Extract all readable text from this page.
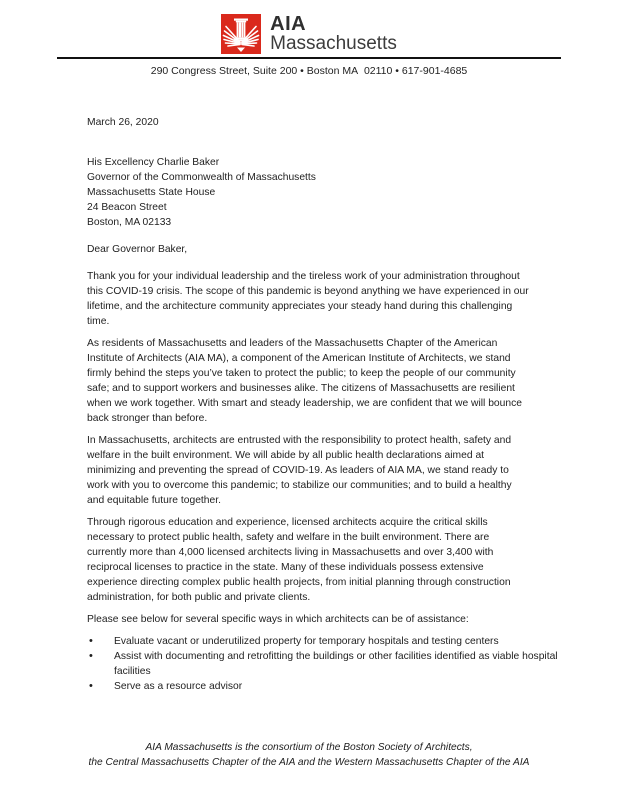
AIA
Massachusetts
290 Congress Street, Suite 200 • Boston MA  02110 • 617-901-4685

March 26, 2020

His Excellency Charlie Baker
Governor of the Commonwealth of Massachusetts
Massachusetts State House
24 Beacon Street
Boston, MA 02133

Dear Governor Baker,

Thank you for your individual leadership and the tireless work of your administration throughout this COVID-19 crisis. The scope of this pandemic is beyond anything we have experienced in our lifetime, and the architecture community appreciates your steady hand during this challenging time.

As residents of Massachusetts and leaders of the Massachusetts Chapter of the American Institute of Architects (AIA MA), a component of the American Institute of Architects, we stand firmly behind the steps you’ve taken to protect the public; to keep the people of our community safe; and to support workers and businesses alike. The citizens of Massachusetts are resilient when we work together. With smart and steady leadership, we are confident that we will bounce back stronger than before.

In Massachusetts, architects are entrusted with the responsibility to protect health, safety and welfare in the built environment. We will abide by all public health declarations aimed at minimizing and preventing the spread of COVID-19. As leaders of AIA MA, we stand ready to work with you to overcome this pandemic; to stabilize our communities; and to build a healthy and equitable future together.

Through rigorous education and experience, licensed architects acquire the critical skills necessary to protect public health, safety and welfare in the built environment. There are currently more than 4,000 licensed architects living in Massachusetts and over 3,400 with reciprocal licenses to practice in the state. Many of these individuals possess extensive experience directing complex public health projects, from initial planning through construction administration, for both public and private clients.

Please see below for several specific ways in which architects can be of assistance:

• Evaluate vacant or underutilized property for temporary hospitals and testing centers
• Assist with documenting and retrofitting the buildings or other facilities identified as viable hospital facilities
• Serve as a resource advisor
AIA Massachusetts is the consortium of the Boston Society of Architects,
the Central Massachusetts Chapter of the AIA and the Western Massachusetts Chapter of the AIA
